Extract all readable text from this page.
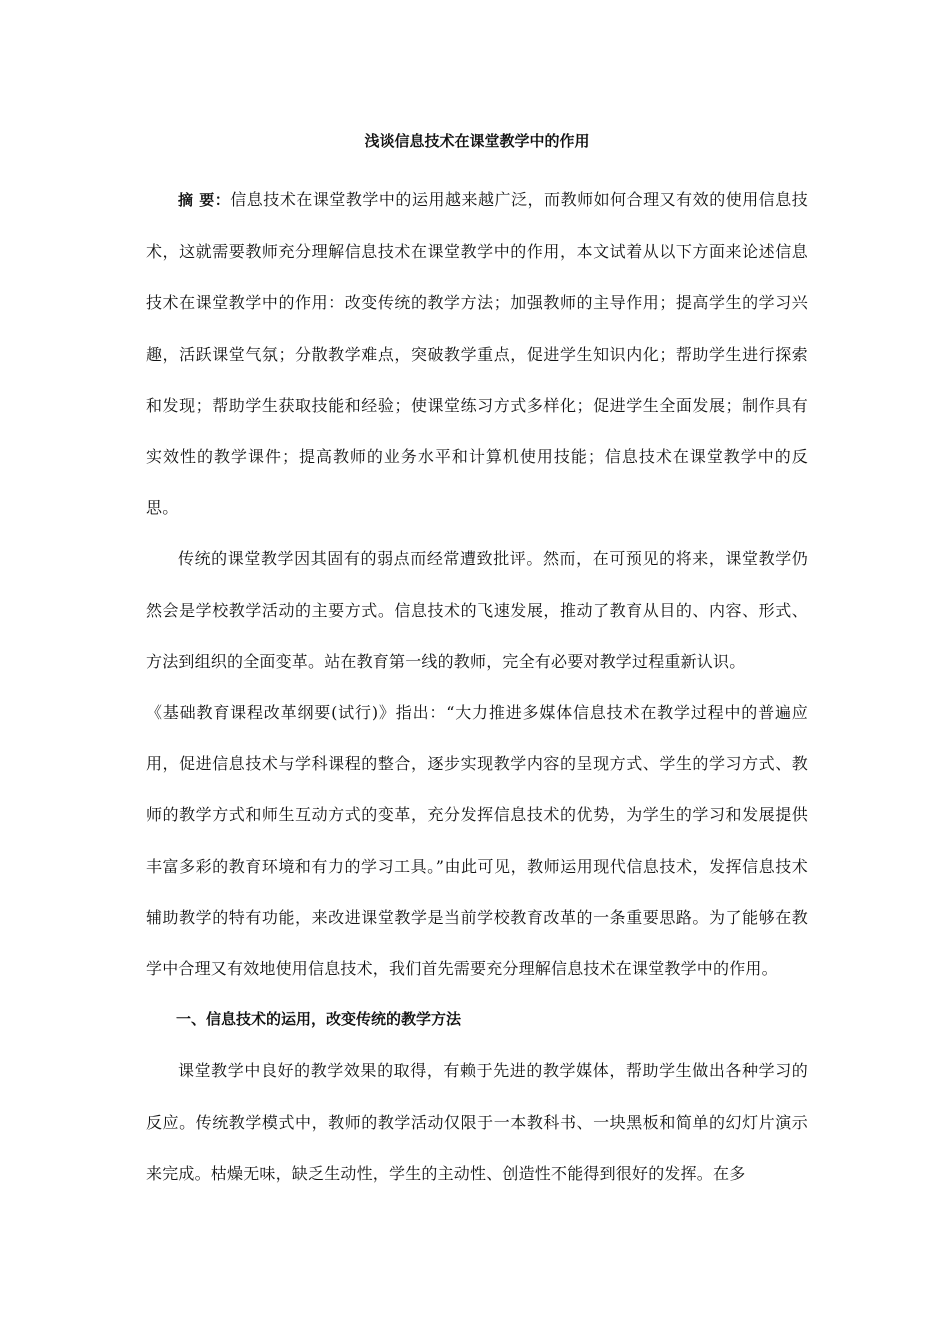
浅谈信息技术在课堂教学中的作用

摘 要：信息技术在课堂教学中的运用越来越广泛，而教师如何合理又有效的使用信息技术，这就需要教师充分理解信息技术在课堂教学中的作用，本文试着从以下方面来论述信息技术在课堂教学中的作用：改变传统的教学方法；加强教师的主导作用；提高学生的学习兴趣，活跃课堂气氛；分散教学难点，突破教学重点，促进学生知识内化；帮助学生进行探索和发现；帮助学生获取技能和经验；使课堂练习方式多样化；促进学生全面发展；制作具有实效性的教学课件；提高教师的业务水平和计算机使用技能；信息技术在课堂教学中的反思。

传统的课堂教学因其固有的弱点而经常遭致批评。然而，在可预见的将来，课堂教学仍然会是学校教学活动的主要方式。信息技术的飞速发展，推动了教育从目的、内容、形式、方法到组织的全面变革。站在教育第一线的教师，完全有必要对教学过程重新认识。

《基础教育课程改革纲要(试行)》指出：“大力推进多媒体信息技术在教学过程中的普遍应用，促进信息技术与学科课程的整合，逐步实现教学内容的呈现方式、学生的学习方式、教师的教学方式和师生互动方式的变革，充分发挥信息技术的优势，为学生的学习和发展提供丰富多彩的教育环境和有力的学习工具。”由此可见，教师运用现代信息技术，发挥信息技术辅助教学的特有功能，来改进课堂教学是当前学校教育改革的一条重要思路。为了能够在教学中合理又有效地使用信息技术，我们首先需要充分理解信息技术在课堂教学中的作用。

一、信息技术的运用，改变传统的教学方法

课堂教学中良好的教学效果的取得，有赖于先进的教学媒体，帮助学生做出各种学习的反应。传统教学模式中，教师的教学活动仅限于一本教科书、一块黑板和简单的幻灯片演示来完成。枯燥无味，缺乏生动性，学生的主动性、创造性不能得到很好的发挥。在多
